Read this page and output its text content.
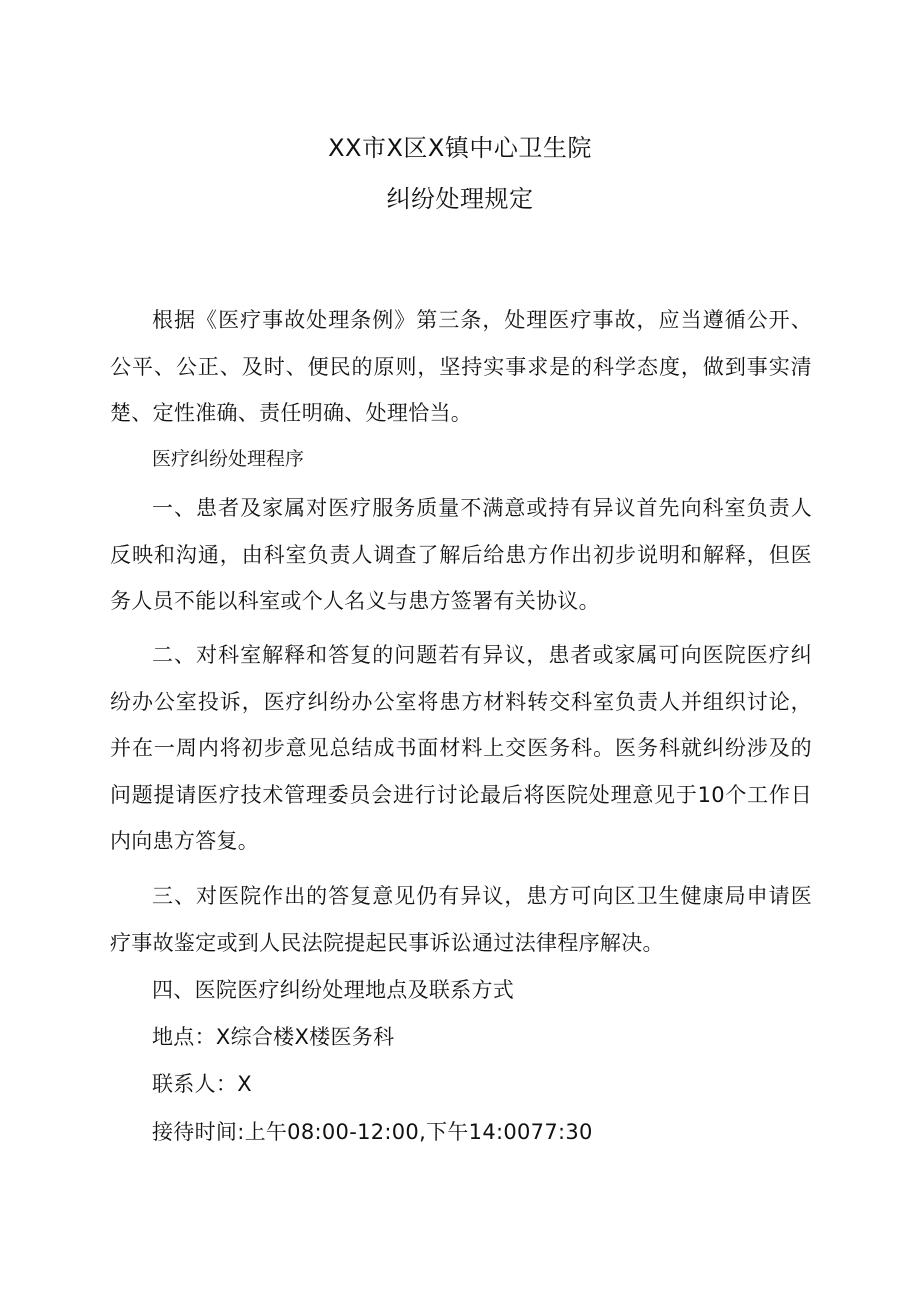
XX市X区X镇中心卫生院
纠纷处理规定

根据《医疗事故处理条例》第三条，处理医疗事故，应当遵循公开、公平、公正、及时、便民的原则，坚持实事求是的科学态度，做到事实清楚、定性准确、责任明确、处理恰当。

医疗纠纷处理程序

一、患者及家属对医疗服务质量不满意或持有异议首先向科室负责人反映和沟通，由科室负责人调查了解后给患方作出初步说明和解释，但医务人员不能以科室或个人名义与患方签署有关协议。

二、对科室解释和答复的问题若有异议，患者或家属可向医院医疗纠纷办公室投诉，医疗纠纷办公室将患方材料转交科室负责人并组织讨论，并在一周内将初步意见总结成书面材料上交医务科。医务科就纠纷涉及的问题提请医疗技术管理委员会进行讨论最后将医院处理意见于10个工作日内向患方答复。

三、对医院作出的答复意见仍有异议，患方可向区卫生健康局申请医疗事故鉴定或到人民法院提起民事诉讼通过法律程序解决。

四、医院医疗纠纷处理地点及联系方式

地点：X综合楼X楼医务科

联系人：X

接待时间:上午08:00-12:00,下午14:0077:30
